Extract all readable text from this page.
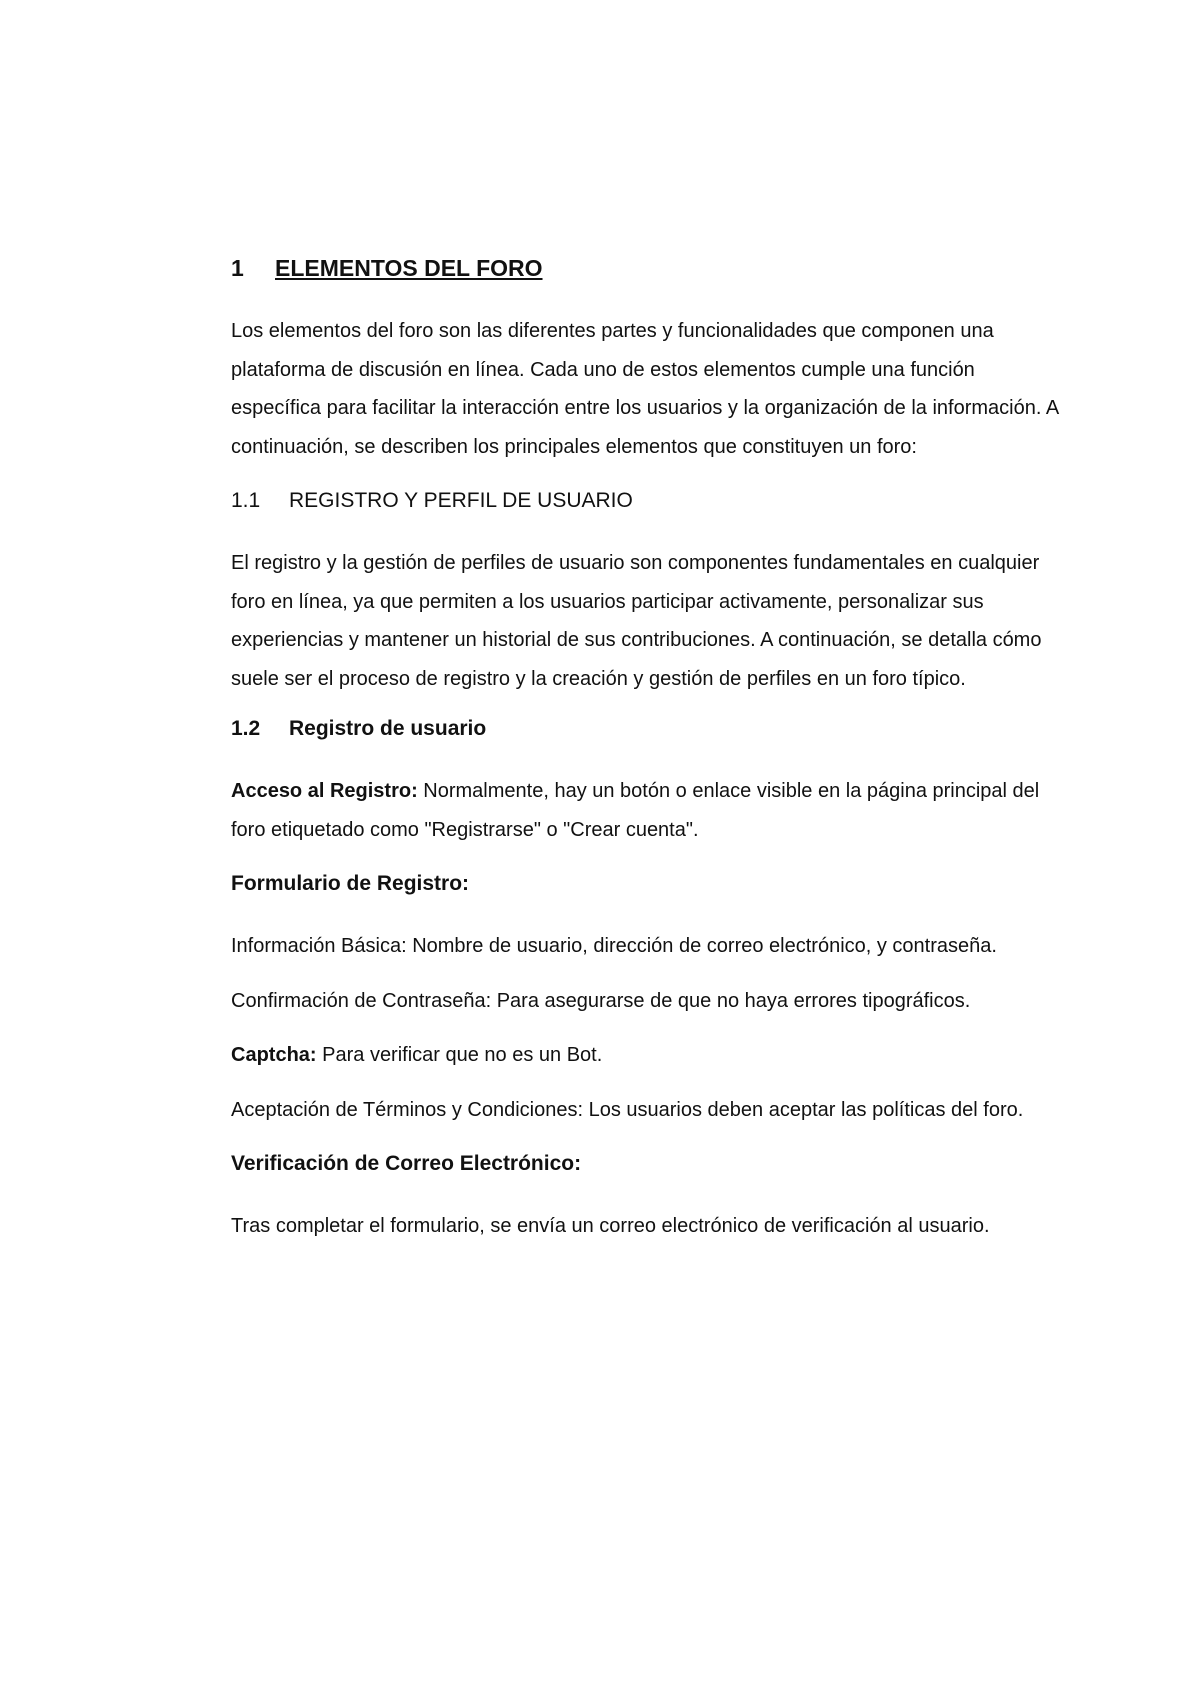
1 ELEMENTOS DEL FORO

Los elementos del foro son las diferentes partes y funcionalidades que componen una plataforma de discusión en línea. Cada uno de estos elementos cumple una función específica para facilitar la interacción entre los usuarios y la organización de la información. A continuación, se describen los principales elementos que constituyen un foro:

1.1 REGISTRO Y PERFIL DE USUARIO

El registro y la gestión de perfiles de usuario son componentes fundamentales en cualquier foro en línea, ya que permiten a los usuarios participar activamente, personalizar sus experiencias y mantener un historial de sus contribuciones. A continuación, se detalla cómo suele ser el proceso de registro y la creación y gestión de perfiles en un foro típico.

1.2 Registro de usuario

Acceso al Registro: Normalmente, hay un botón o enlace visible en la página principal del foro etiquetado como "Registrarse" o "Crear cuenta".

Formulario de Registro:

Información Básica: Nombre de usuario, dirección de correo electrónico, y contraseña.

Confirmación de Contraseña: Para asegurarse de que no haya errores tipográficos.

Captcha: Para verificar que no es un Bot.

Aceptación de Términos y Condiciones: Los usuarios deben aceptar las políticas del foro.

Verificación de Correo Electrónico:

Tras completar el formulario, se envía un correo electrónico de verificación al usuario.
